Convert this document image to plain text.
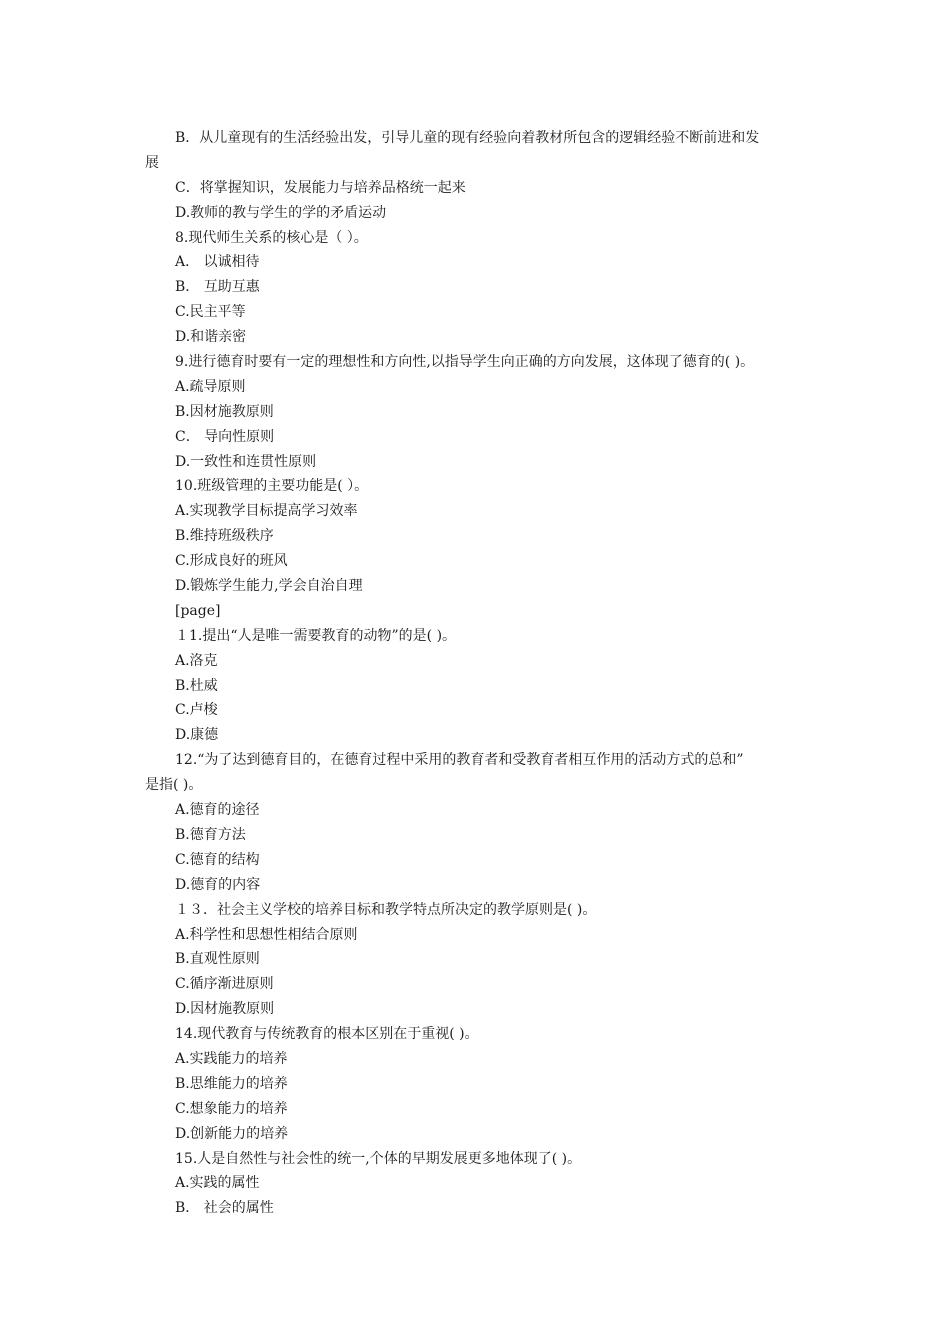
B．从儿童现有的生活经验出发，引导儿童的现有经验向着教材所包含的逻辑经验不断前进和发
展
C．将掌握知识，发展能力与培养品格统一起来
D.教师的教与学生的学的矛盾运动
8.现代师生关系的核心是（ ）。
A． 以诚相待
B． 互助互惠
C.民主平等
D.和谐亲密
9.进行德育时要有一定的理想性和方向性,以指导学生向正确的方向发展，这体现了德育的( )。
A.疏导原则
B.因材施教原则
C． 导向性原则
D.一致性和连贯性原则
10.班级管理的主要功能是( ）。
A.实现教学目标提高学习效率
B.维持班级秩序
C.形成良好的班风
D.锻炼学生能力,学会自治自理
[page]
１1.提出“人是唯一需要教育的动物”的是( )。
A.洛克
B.杜威
C.卢梭
D.康德
12.“为了达到德育目的，在德育过程中采用的教育者和受教育者相互作用的活动方式的总和”
是指( )。
A.德育的途径
B.德育方法
C.德育的结构
D.德育的内容
１３．社会主义学校的培养目标和教学特点所决定的教学原则是( )。
A.科学性和思想性相结合原则
B.直观性原则
C.循序渐进原则
D.因材施教原则
14.现代教育与传统教育的根本区别在于重视( )。
A.实践能力的培养
B.思维能力的培养
C.想象能力的培养
D.创新能力的培养
15.人是自然性与社会性的统一,个体的早期发展更多地体现了( )。
A.实践的属性
B． 社会的属性
